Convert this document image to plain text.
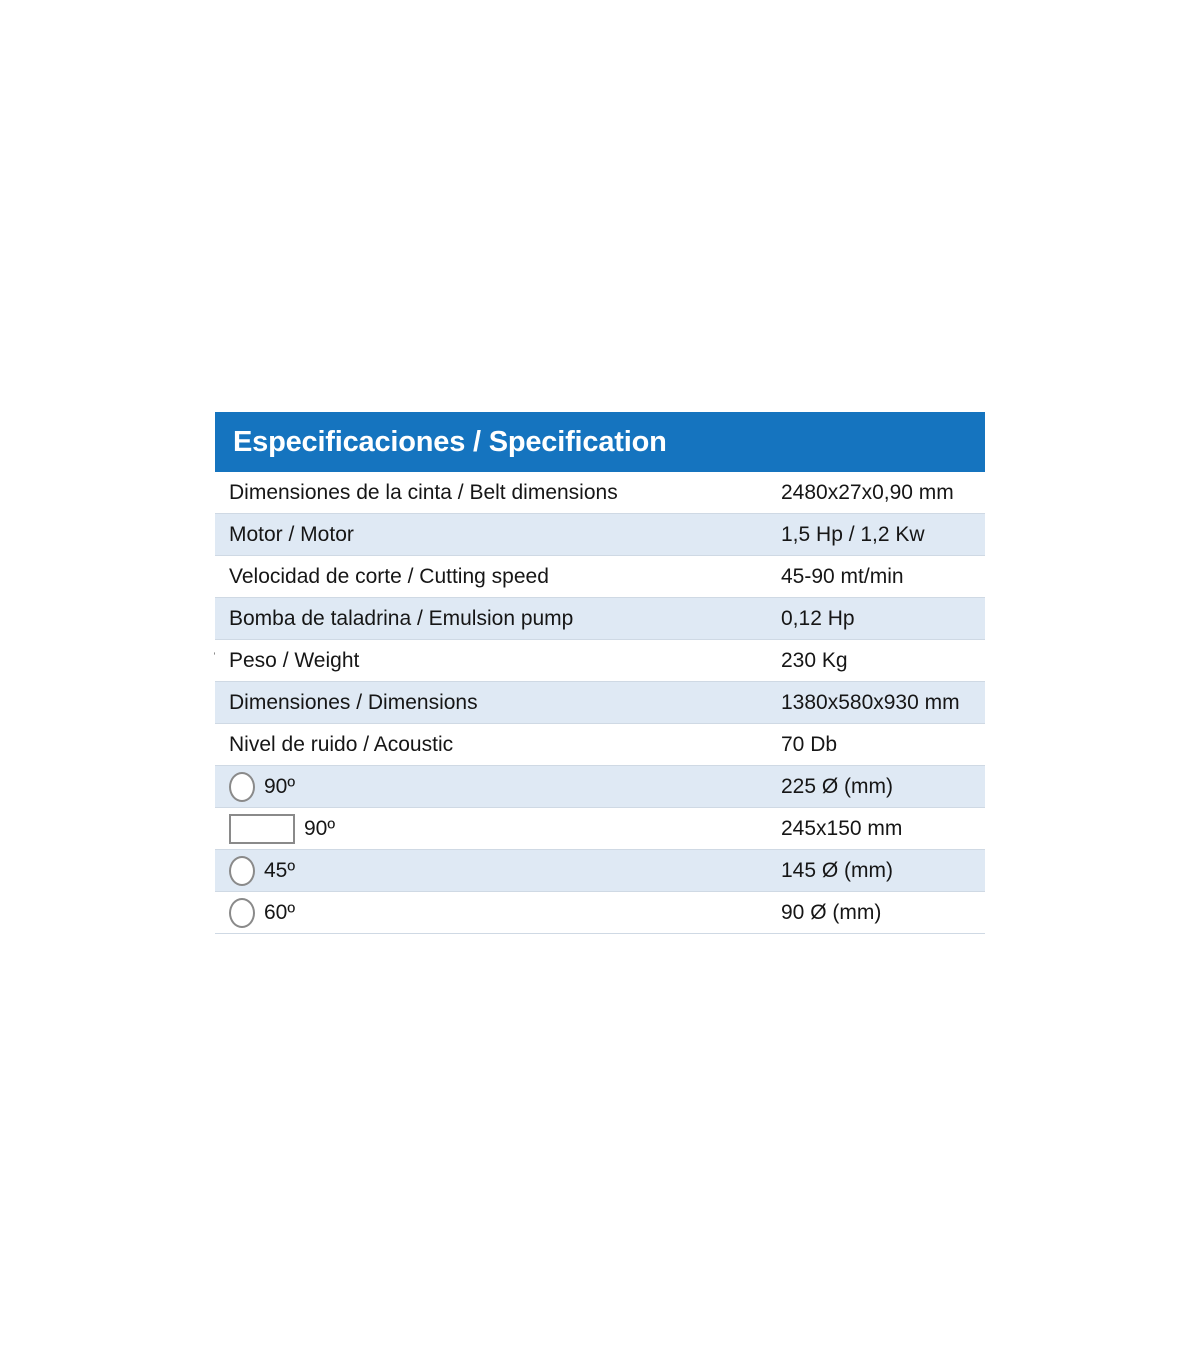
Especificaciones / Specification
Dimensiones de la cinta / Belt dimensions	2480x27x0,90 mm
Motor / Motor	1,5 Hp / 1,2 Kw
Velocidad de corte / Cutting speed	45-90 mt/min
Bomba de taladrina / Emulsion pump	0,12 Hp
Peso / Weight	230 Kg
Dimensiones / Dimensions	1380x580x930 mm
Nivel de ruido / Acoustic	70 Db
90º	225 Ø (mm)
90º	245x150 mm
45º	145 Ø (mm)
60º	90 Ø (mm)
